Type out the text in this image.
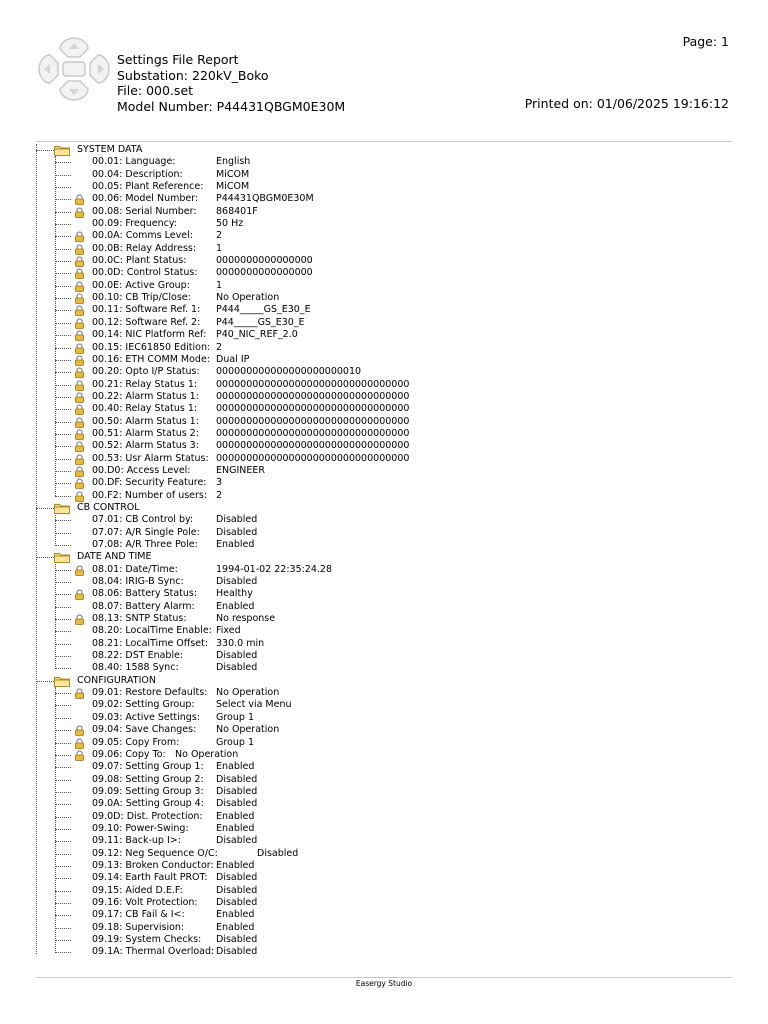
Settings File Report
Substation: 220kV_Boko
File: 000.set
Model Number: P44431QBGM0E30M
Page: 1
Printed on: 01/06/2025 19:16:12
SYSTEM DATA
00.01: Language:	English
00.04: Description:	MiCOM
00.05: Plant Reference: MiCOM
00.06: Model Number: P44431QBGM0E30M
00.08: Serial Number: 868401F
00.09: Frequency:	50 Hz
00.0A: Comms Level: 2
00.0B: Relay Address: 1
00.0C: Plant Status:	0000000000000000
00.0D: Control Status: 0000000000000000
00.0E: Active Group:	1
00.10: CB Trip/Close:	No Operation
00.11: Software Ref. 1: P444_____GS_E30_E
00.12: Software Ref. 2: P44_____GS_E30_E
00.14: NIC Platform Ref: P40_NIC_REF_2.0
00.15: IEC61850 Edition: 2
00.16: ETH COMM Mode: Dual IP
00.20: Opto I/P Status: 000000000000000000000010
00.21: Relay Status 1: 00000000000000000000000000000000
00.22: Alarm Status 1: 00000000000000000000000000000000
00.40: Relay Status 1: 00000000000000000000000000000000
00.50: Alarm Status 1: 00000000000000000000000000000000
00.51: Alarm Status 2: 00000000000000000000000000000000
00.52: Alarm Status 3: 00000000000000000000000000000000
00.53: Usr Alarm Status: 00000000000000000000000000000000
00.D0: Access Level:	ENGINEER
00.DF: Security Feature: 3
00.F2: Number of users: 2
CB CONTROL
07.01: CB Control by: Disabled
07.07: A/R Single Pole: Disabled
07.08: A/R Three Pole: Enabled
DATE AND TIME
08.01: Date/Time:	1994-01-02 22:35:24.28
08.04: IRIG-B Sync:	Disabled
08.06: Battery Status: Healthy
08.07: Battery Alarm: Enabled
08.13: SNTP Status:	No response
08.20: LocalTime Enable: Fixed
08.21: LocalTime Offset: 330.0 min
08.22: DST Enable:	Disabled
08.40: 1588 Sync:	Disabled
CONFIGURATION
09.01: Restore Defaults: No Operation
09.02: Setting Group: Select via Menu
09.03: Active Settings: Group 1
09.04: Save Changes: No Operation
09.05: Copy From:	Group 1
09.06: Copy To: No Operation
09.07: Setting Group 1: Enabled
09.08: Setting Group 2: Disabled
09.09: Setting Group 3: Disabled
09.0A: Setting Group 4: Disabled
09.0D: Dist. Protection: Enabled
09.10: Power-Swing:	Enabled
09.11: Back-up I>:	Disabled
09.12: Neg Sequence O/C:	Disabled
09.13: Broken Conductor: Enabled
09.14: Earth Fault PROT: Disabled
09.15: Aided D.E.F:	Disabled
09.16: Volt Protection: Disabled
09.17: CB Fail & I<:	Enabled
09.18: Supervision:	Enabled
09.19: System Checks: Disabled
09.1A: Thermal Overload: Disabled
Easergy Studio
